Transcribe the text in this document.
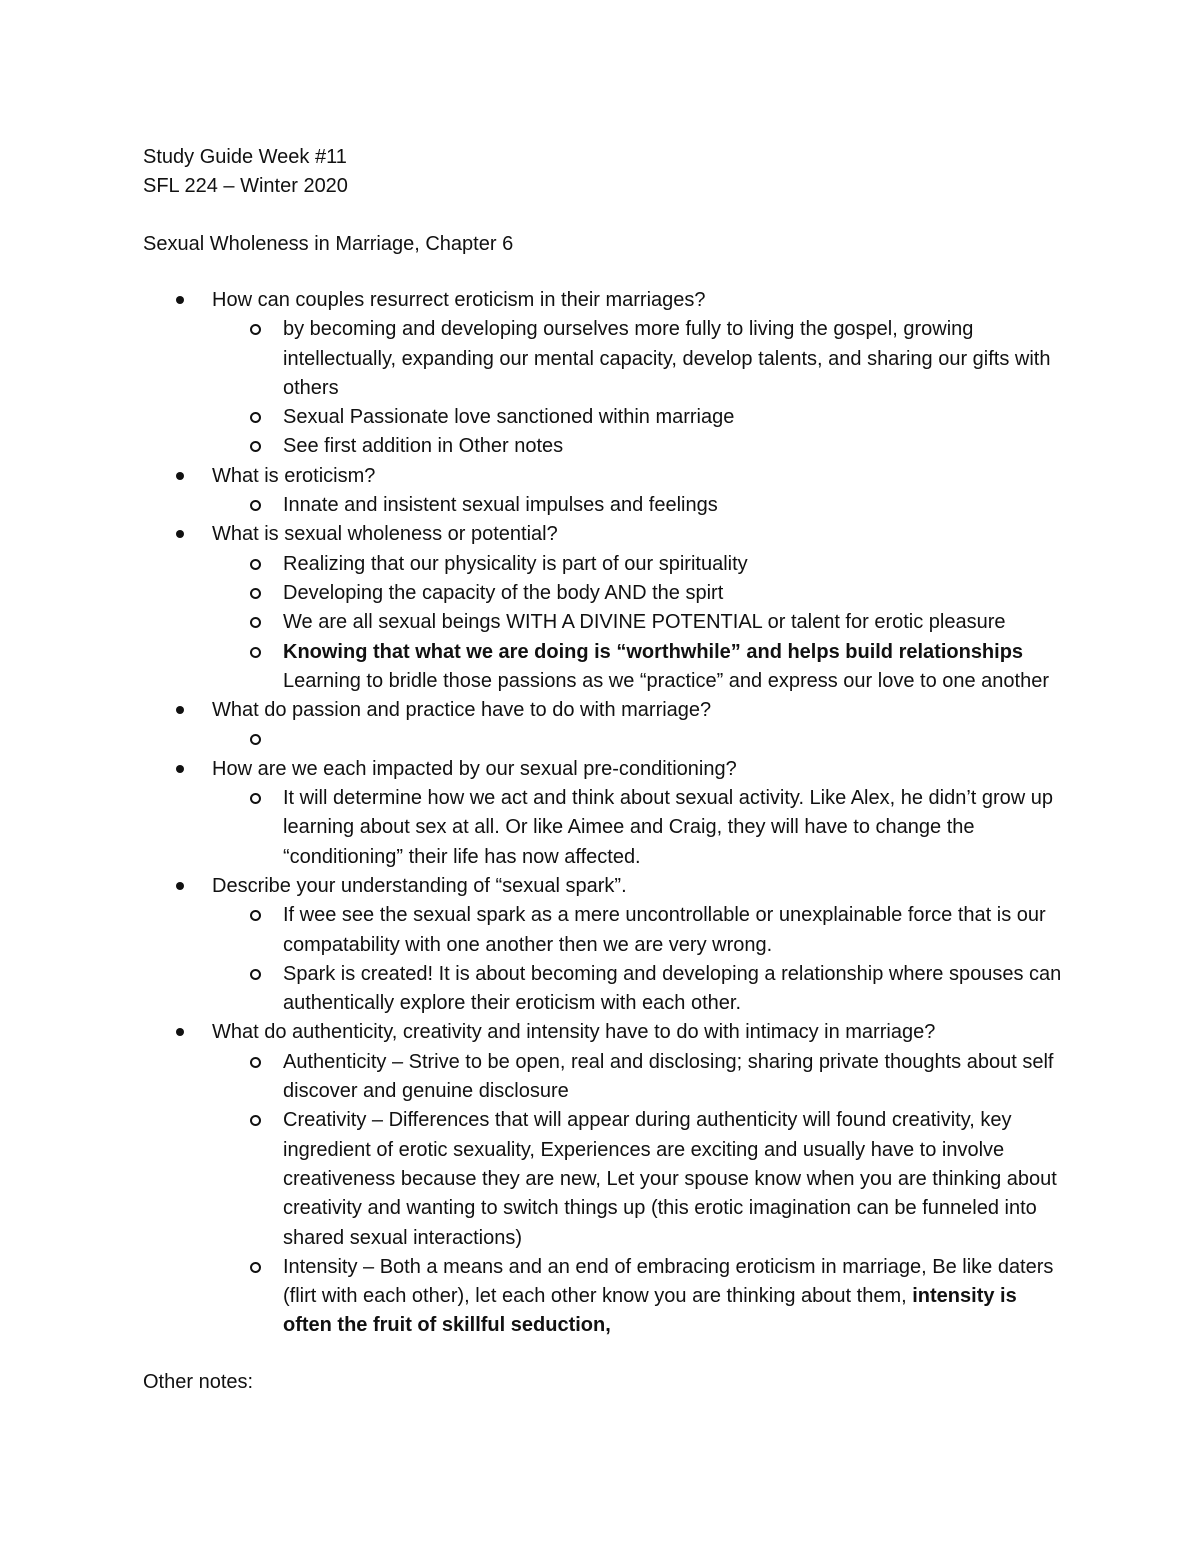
Study Guide Week #11
SFL 224 – Winter 2020
Sexual Wholeness in Marriage, Chapter 6
How can couples resurrect eroticism in their marriages?
by becoming and developing ourselves more fully to living the gospel, growing intellectually, expanding our mental capacity, develop talents, and sharing our gifts with others
Sexual Passionate love sanctioned within marriage
See first addition in Other notes
What is eroticism?
Innate and insistent sexual impulses and feelings
What is sexual wholeness or potential?
Realizing that our physicality is part of our spirituality
Developing the capacity of the body AND the spirt
We are all sexual beings WITH A DIVINE POTENTIAL or talent for erotic pleasure
Knowing that what we are doing is “worthwhile” and helps build relationships
Learning to bridle those passions as we “practice” and express our love to one another
What do passion and practice have to do with marriage?
How are we each impacted by our sexual pre-conditioning?
It will determine how we act and think about sexual activity. Like Alex, he didn’t grow up learning about sex at all. Or like Aimee and Craig, they will have to change the “conditioning” their life has now affected.
Describe your understanding of “sexual spark”.
If wee see the sexual spark as a mere uncontrollable or unexplainable force that is our compatability with one another then we are very wrong.
Spark is created! It is about becoming and developing a relationship where spouses can authentically explore their eroticism with each other.
What do authenticity, creativity and intensity have to do with intimacy in marriage?
Authenticity – Strive to be open, real and disclosing; sharing private thoughts about self discover and genuine disclosure
Creativity – Differences that will appear during authenticity will found creativity, key ingredient of erotic sexuality, Experiences are exciting and usually have to involve creativeness because they are new, Let your spouse know when you are thinking about creativity and wanting to switch things up (this erotic imagination can be funneled into shared sexual interactions)
Intensity – Both a means and an end of embracing eroticism in marriage, Be like daters (flirt with each other), let each other know you are thinking about them, intensity is often the fruit of skillful seduction,
Other notes:
